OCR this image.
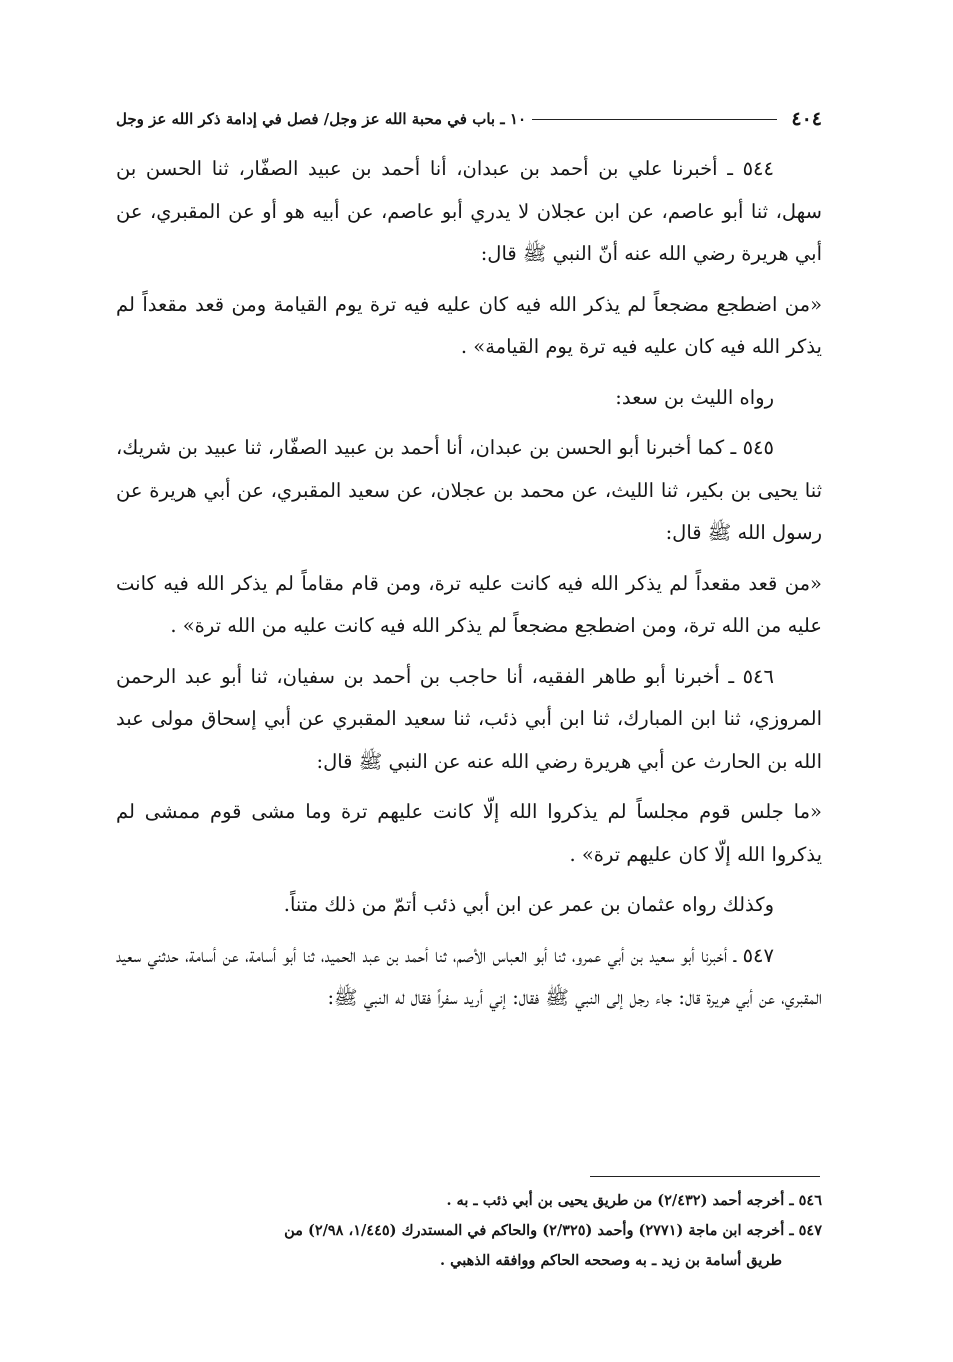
٤٠٤
١٠ ـ باب في محبة الله عز وجل/ فصل في إدامة ذكر الله عز وجل

٥٤٤ ـ أخبرنا علي بن أحمد بن عبدان، أنا أحمد بن عبيد الصفّار، ثنا الحسن بن سهل، ثنا أبو عاصم، عن ابن عجلان لا يدري أبو عاصم، عن أبيه هو أو عن المقبري، عن أبي هريرة رضي الله عنه أنّ النبي ﷺ قال:

«من اضطجع مضجعاً لم يذكر الله فيه كان عليه فيه ترة يوم القيامة ومن قعد مقعداً لم يذكر الله فيه كان عليه فيه ترة يوم القيامة» .

رواه الليث بن سعد:

٥٤٥ ـ كما أخبرنا أبو الحسن بن عبدان، أنا أحمد بن عبيد الصفّار، ثنا عبيد بن شريك، ثنا يحيى بن بكير، ثنا الليث، عن محمد بن عجلان، عن سعيد المقبري، عن أبي هريرة عن رسول الله ﷺ قال:

«من قعد مقعداً لم يذكر الله فيه كانت عليه ترة، ومن قام مقاماً لم يذكر الله فيه كانت عليه من الله ترة، ومن اضطجع مضجعاً لم يذكر الله فيه كانت عليه من الله ترة» .

٥٤٦ ـ أخبرنا أبو طاهر الفقيه، أنا حاجب بن أحمد بن سفيان، ثنا أبو عبد الرحمن المروزي، ثنا ابن المبارك، ثنا ابن أبي ذئب، ثنا سعيد المقبري عن أبي إسحاق مولى عبد الله بن الحارث عن أبي هريرة رضي الله عنه عن النبي ﷺ قال:

«ما جلس قوم مجلساً لم يذكروا الله إلّا كانت عليهم ترة وما مشى قوم ممشى لم يذكروا الله إلّا كان عليهم ترة» .

وكذلك رواه عثمان بن عمر عن ابن أبي ذئب أتمّ من ذلك متناً.

٥٤٧ ـ أخبرنا أبو سعيد بن أبي عمرو، ثنا أبو العباس الأصم، ثنا أحمد بن عبد الحميد، ثنا أبو أسامة، عن أسامة، حدثني سعيد المقبري، عن أبي هريرة قال: جاء رجل إلى النبي ﷺ فقال: إني أريد سفراً فقال له النبي ﷺ:

٥٤٦ ـ أخرجه أحمد (٢/٤٣٢) من طريق يحيى بن أبي ذئب ـ به .

٥٤٧ ـ أخرجه ابن ماجة (٢٧٧١) وأحمد (٢/٣٢٥) والحاكم في المستدرك (١/٤٤٥، ٢/٩٨) من

طريق أسامة بن زيد ـ به وصححه الحاكم ووافقه الذهبي .
